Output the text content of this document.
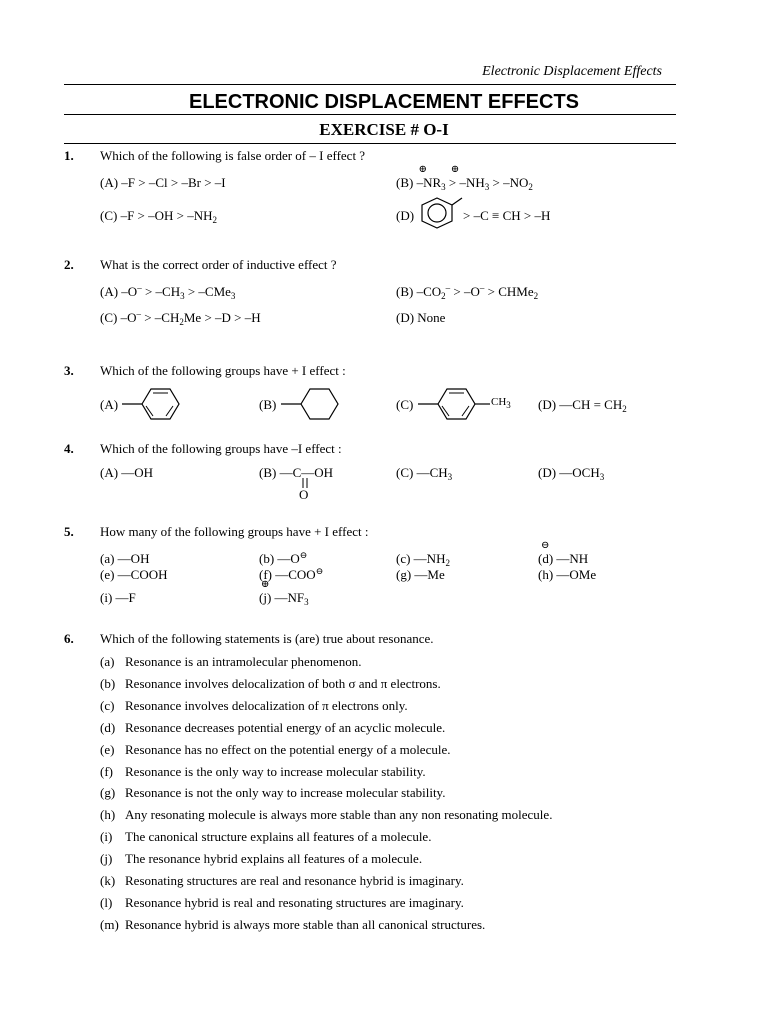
Electronic Displacement Effects
ELECTRONIC DISPLACEMENT EFFECTS
EXERCISE # O-I
1. Which of the following is false order of – I effect ?
(A) –F > –Cl > –Br > –I	(B) ⊕ $-NR_3$ ⊕ > $-NH_3 > -NO_2$
(C) $-F > -OH > -NH_2$	(D)	> –C ≡ CH > –H
2. What is the correct order of inductive effect ?
(A) $-O^- > -CH_3 > -CMe_3$	(B) $-CO_2^- > -O^-$ > CHMe$_2$
(C) $-O^- > -CH_2Me > -D > -H$	(D) None
3. Which of the following groups have + I effect :
(A)	(B)	(C)	$CH_3$ (D) —CH = $CH_2$
4. Which of the following groups have –I effect :
(A) —OH	(B) —C—OH
O
(C) $—CH_3$	(D) $—OCH_3$
5. How many of the following groups have + I effect :
(a) —OH	(b) —O⊖	(c) $—NH_2$	⊖ (d) —NH
(e) —COOH	(f) —COO⊖	(g) —Me	(h) —OMe
(i) —F	⊕ (j) $—NF_3$
6. Which of the following statements is (are) true about resonance.
(a) Resonance is an intramolecular phenomenon.
(b) Resonance involves delocalization of both σ and π electrons.
(c) Resonance involves delocalization of π electrons only.
(d) Resonance decreases potential energy of an acyclic molecule.
(e) Resonance has no effect on the potential energy of a molecule.
(f) Resonance is the only way to increase molecular stability.
(g) Resonance is not the only way to increase molecular stability.
(h) Any resonating molecule is always more stable than any non resonating molecule.
(i) The canonical structure explains all features of a molecule.
(j) The resonance hybrid explains all features of a molecule.
(k) Resonating structures are real and resonance hybrid is imaginary.
(l) Resonance hybrid is real and resonating structures are imaginary.
(m) Resonance hybrid is always more stable than all canonical structures.
